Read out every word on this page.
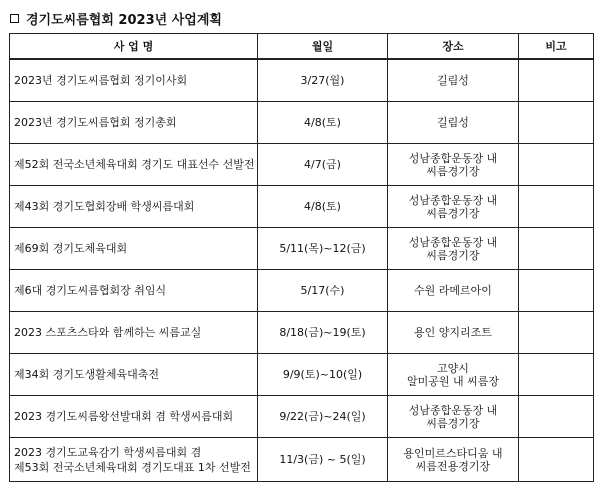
경기도씨름협회 2023년 사업계획
사 업 명	월일	장소	비고

2023년 경기도씨름협회 정기이사회	3/27(월)	길림성	

2023년 경기도씨름협회 정기총회	4/8(토)	길림성	

제52회 전국소년체육대회 경기도 대표선수 선발전	4/7(금)	성남종합운동장 내
씨름경기장	

제43회 경기도협회장배 학생씨름대회	4/8(토)	성남종합운동장 내
씨름경기장	

제69회 경기도체육대회	5/11(목)~12(금)	성남종합운동장 내
씨름경기장	

제6대 경기도씨름협회장 취임식	5/17(수)	수원 라메르아이	

2023 스포츠스타와 함께하는 씨름교실	8/18(금)~19(토)	용인 양지리조트	

제34회 경기도생활체육대축전	9/9(토)~10(일)	고양시
알미공원 내 씨름장	

2023 경기도씨름왕선발대회 겸 학생씨름대회	9/22(금)~24(일)	성남종합운동장 내
씨름경기장	

2023 경기도교육감기 학생씨름대회 겸
제53회 전국소년체육대회 경기도대표 1차 선발전	11/3(금) ~ 5(일)	용인미르스타디움 내
씨름전용경기장	
